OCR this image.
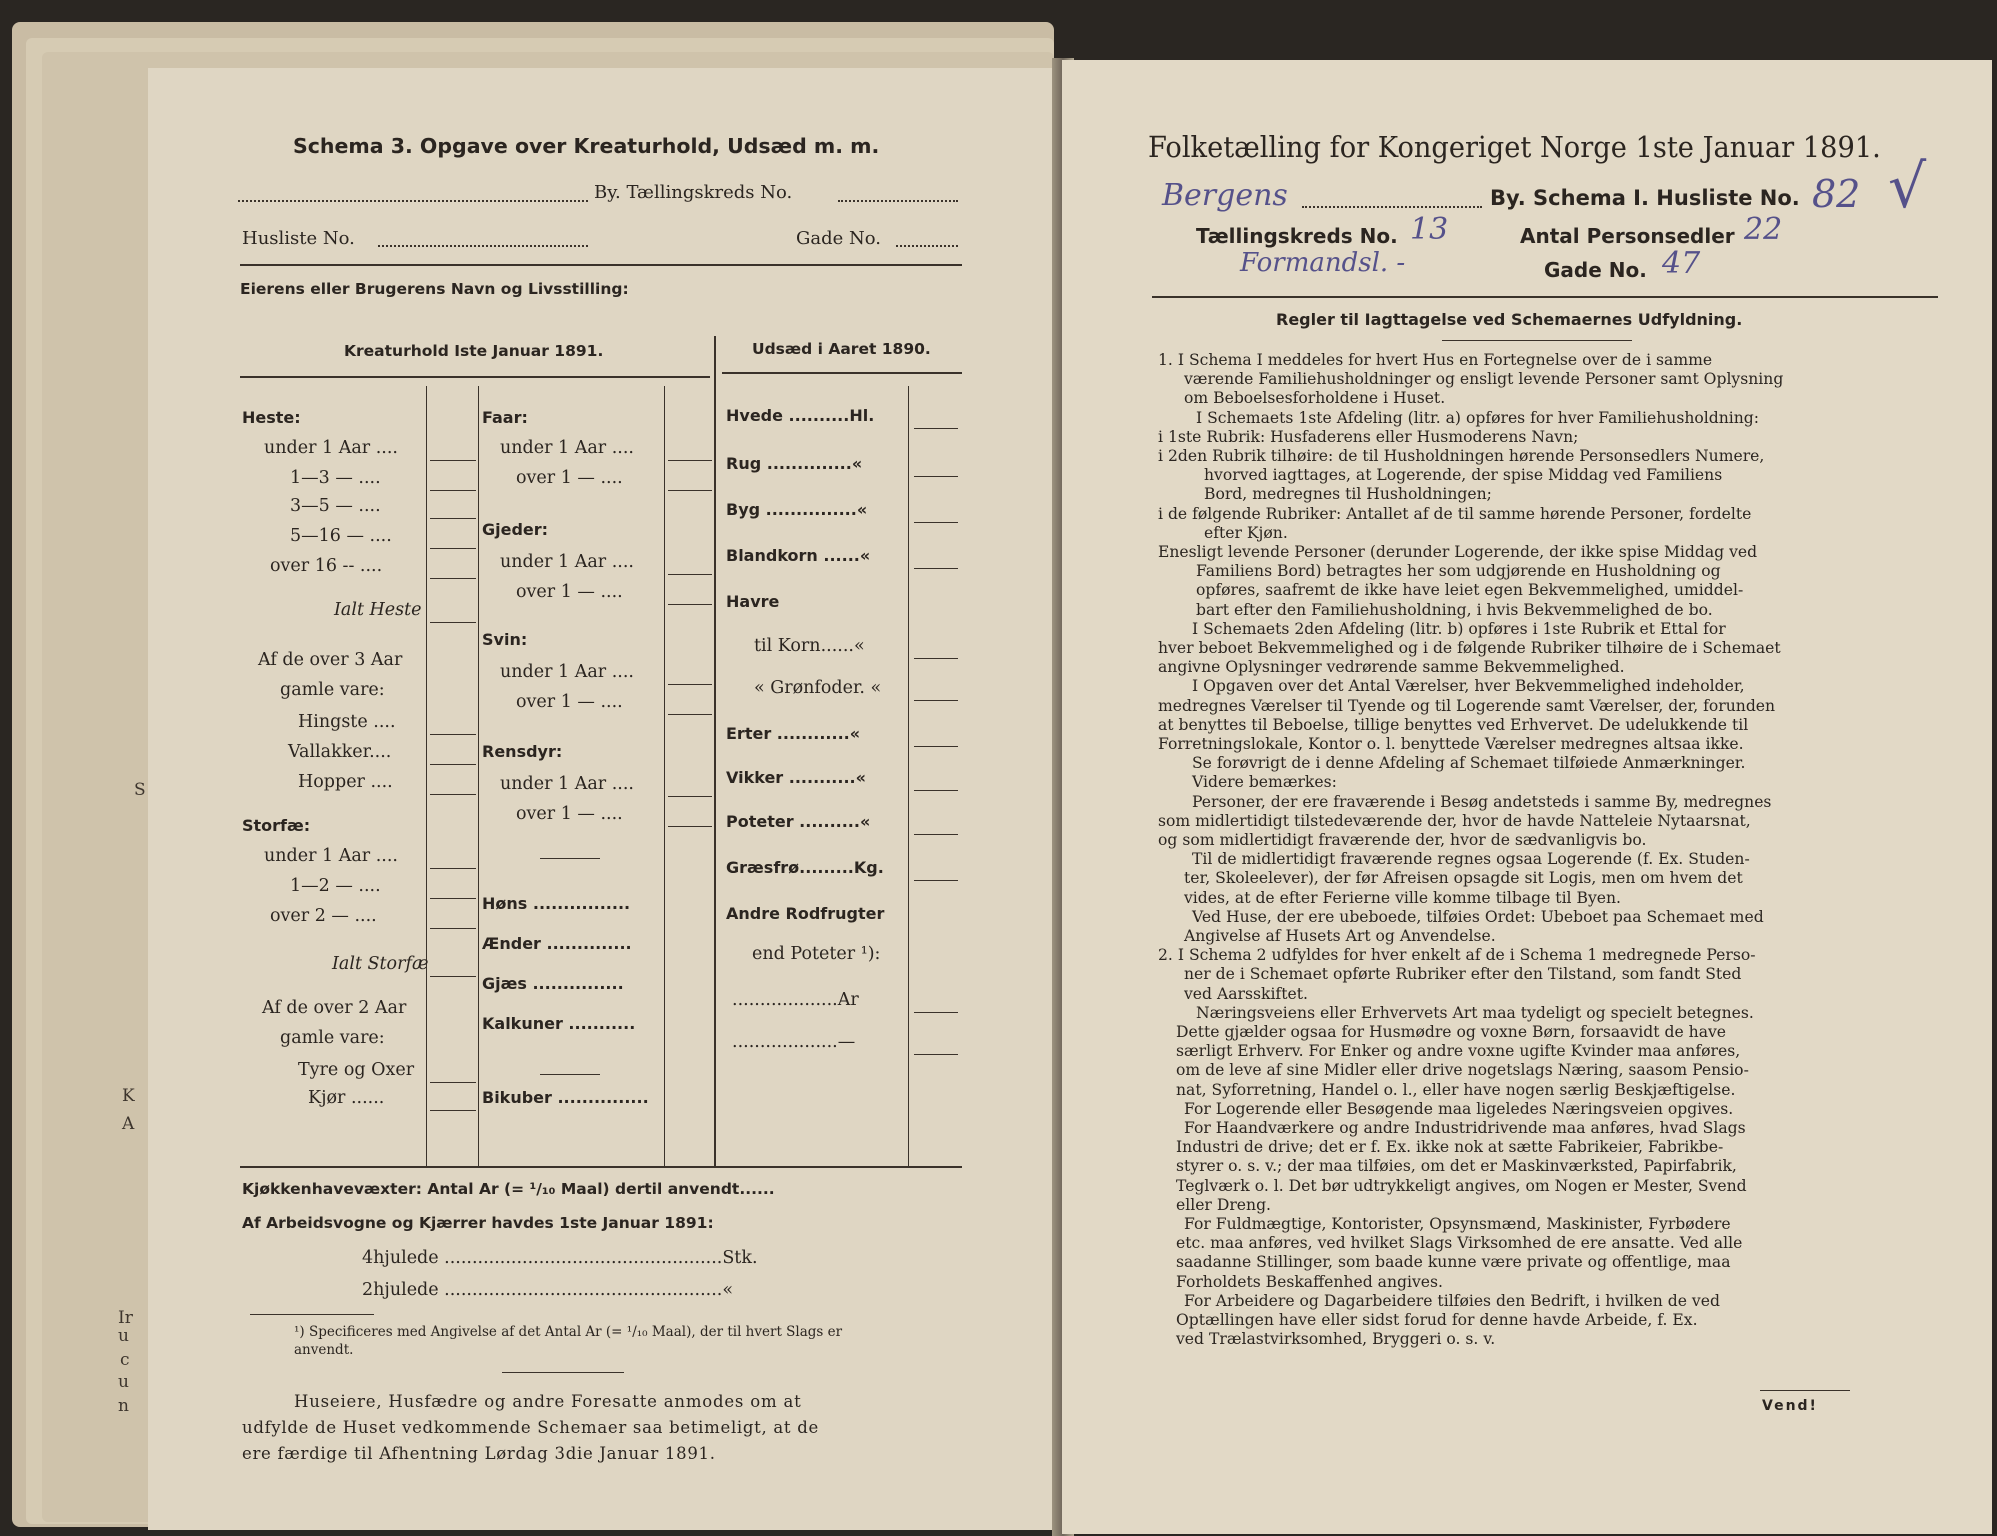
S
K
A
Ir
u
c
u
n
Schema 3. Opgave over Kreaturhold, Udsæd m. m.
By. Tællingskreds No.
Husliste No.	Gade No.
Eierens eller Brugerens Navn og Livsstilling:
Kreaturhold Iste Januar 1891.	Udsæd i Aaret 1890.
Heste:
under 1 Aar ....
1—3 — ....
3—5 — ....
5—16 — ....
over 16 -- ....
Ialt Heste
Af de over 3 Aar
gamle vare:
Hingste ....
Vallakker....
Hopper ....
Storfæ:
under 1 Aar ....
1—2 — ....
over 2 — ....
Ialt Storfæ
Af de over 2 Aar
gamle vare:
Tyre og Oxer
Kjør ......
Faar:
under 1 Aar ....
over 1 — ....
Gjeder:
under 1 Aar ....
over 1 — ....
Svin:
under 1 Aar ....
over 1 — ....
Rensdyr:
under 1 Aar ....
over 1 — ....
Høns ................
Ænder ..............
Gjæs ...............
Kalkuner ...........
Bikuber ...............
Hvede ..........Hl.
Rug ..............«
Byg ...............«
Blandkorn ......«
Havre
til Korn......«
« Grønfoder. «
Erter ............«
Vikker ...........«
Poteter ..........«
Græsfrø.........Kg.
Andre Rodfrugter
end Poteter ¹):
...................Ar
...................—
Kjøkkenhavevæxter: Antal Ar (= ¹/₁₀ Maal) dertil anvendt......
Af Arbeidsvogne og Kjærrer havdes 1ste Januar 1891:
4hjulede ..................................................Stk.
2hjulede ..................................................«
¹) Specificeres med Angivelse af det Antal Ar (= ¹/₁₀ Maal), der til hvert Slags er
anvendt.
Huseiere, Husfædre og andre Foresatte anmodes om at
udfylde de Huset vedkommende Schemaer saa betimeligt, at de
ere færdige til Afhentning Lørdag 3die Januar 1891.
Folketælling for Kongeriget Norge 1ste Januar 1891.
Bergens	By. Schema I. Husliste No. 82 √
Tællingskreds No. 13	Antal Personsedler 22
Formandsl. -	Gade No. 47
Regler til Iagttagelse ved Schemaernes Udfyldning.
1. I Schema I meddeles for hvert Hus en Fortegnelse over de i samme
værende Familiehusholdninger og ensligt levende Personer samt Oplysning
om Beboelsesforholdene i Huset.
I Schemaets 1ste Afdeling (litr. a) opføres for hver Familiehusholdning:
i 1ste Rubrik: Husfaderens eller Husmoderens Navn;
i 2den Rubrik tilhøire: de til Husholdningen hørende Personsedlers Numere,
hvorved iagttages, at Logerende, der spise Middag ved Familiens
Bord, medregnes til Husholdningen;
i de følgende Rubriker: Antallet af de til samme hørende Personer, fordelte
efter Kjøn.
Enesligt levende Personer (derunder Logerende, der ikke spise Middag ved
Familiens Bord) betragtes her som udgjørende en Husholdning og
opføres, saafremt de ikke have leiet egen Bekvemmelighed, umiddel-
bart efter den Familiehusholdning, i hvis Bekvemmelighed de bo.
I Schemaets 2den Afdeling (litr. b) opføres i 1ste Rubrik et Ettal for
hver beboet Bekvemmelighed og i de følgende Rubriker tilhøire de i Schemaet
angivne Oplysninger vedrørende samme Bekvemmelighed.
I Opgaven over det Antal Værelser, hver Bekvemmelighed indeholder,
medregnes Værelser til Tyende og til Logerende samt Værelser, der, forunden
at benyttes til Beboelse, tillige benyttes ved Erhvervet. De udelukkende til
Forretningslokale, Kontor o. l. benyttede Værelser medregnes altsaa ikke.
Se forøvrigt de i denne Afdeling af Schemaet tilføiede Anmærkninger.
Videre bemærkes:
Personer, der ere fraværende i Besøg andetsteds i samme By, medregnes
som midlertidigt tilstedeværende der, hvor de havde Natteleie Nytaarsnat,
og som midlertidigt fraværende der, hvor de sædvanligvis bo.
Til de midlertidigt fraværende regnes ogsaa Logerende (f. Ex. Studen-
ter, Skoleelever), der før Afreisen opsagde sit Logis, men om hvem det
vides, at de efter Ferierne ville komme tilbage til Byen.
Ved Huse, der ere ubeboede, tilføies Ordet: Ubeboet paa Schemaet med
Angivelse af Husets Art og Anvendelse.
2. I Schema 2 udfyldes for hver enkelt af de i Schema 1 medregnede Perso-
ner de i Schemaet opførte Rubriker efter den Tilstand, som fandt Sted
ved Aarsskiftet.
Næringsveiens eller Erhvervets Art maa tydeligt og specielt betegnes.
Dette gjælder ogsaa for Husmødre og voxne Børn, forsaavidt de have
særligt Erhverv. For Enker og andre voxne ugifte Kvinder maa anføres,
om de leve af sine Midler eller drive nogetslags Næring, saasom Pensio-
nat, Syforretning, Handel o. l., eller have nogen særlig Beskjæftigelse.
For Logerende eller Besøgende maa ligeledes Næringsveien opgives.
For Haandværkere og andre Industridrivende maa anføres, hvad Slags
Industri de drive; det er f. Ex. ikke nok at sætte Fabrikeier, Fabrikbe-
styrer o. s. v.; der maa tilføies, om det er Maskinværksted, Papirfabrik,
Teglværk o. l. Det bør udtrykkeligt angives, om Nogen er Mester, Svend
eller Dreng.
For Fuldmægtige, Kontorister, Opsynsmænd, Maskinister, Fyrbødere
etc. maa anføres, ved hvilket Slags Virksomhed de ere ansatte. Ved alle
saadanne Stillinger, som baade kunne være private og offentlige, maa
Forholdets Beskaffenhed angives.
For Arbeidere og Dagarbeidere tilføies den Bedrift, i hvilken de ved
Optællingen have eller sidst forud for denne havde Arbeide, f. Ex.
ved Trælastvirksomhed, Bryggeri o. s. v.
Vend!
